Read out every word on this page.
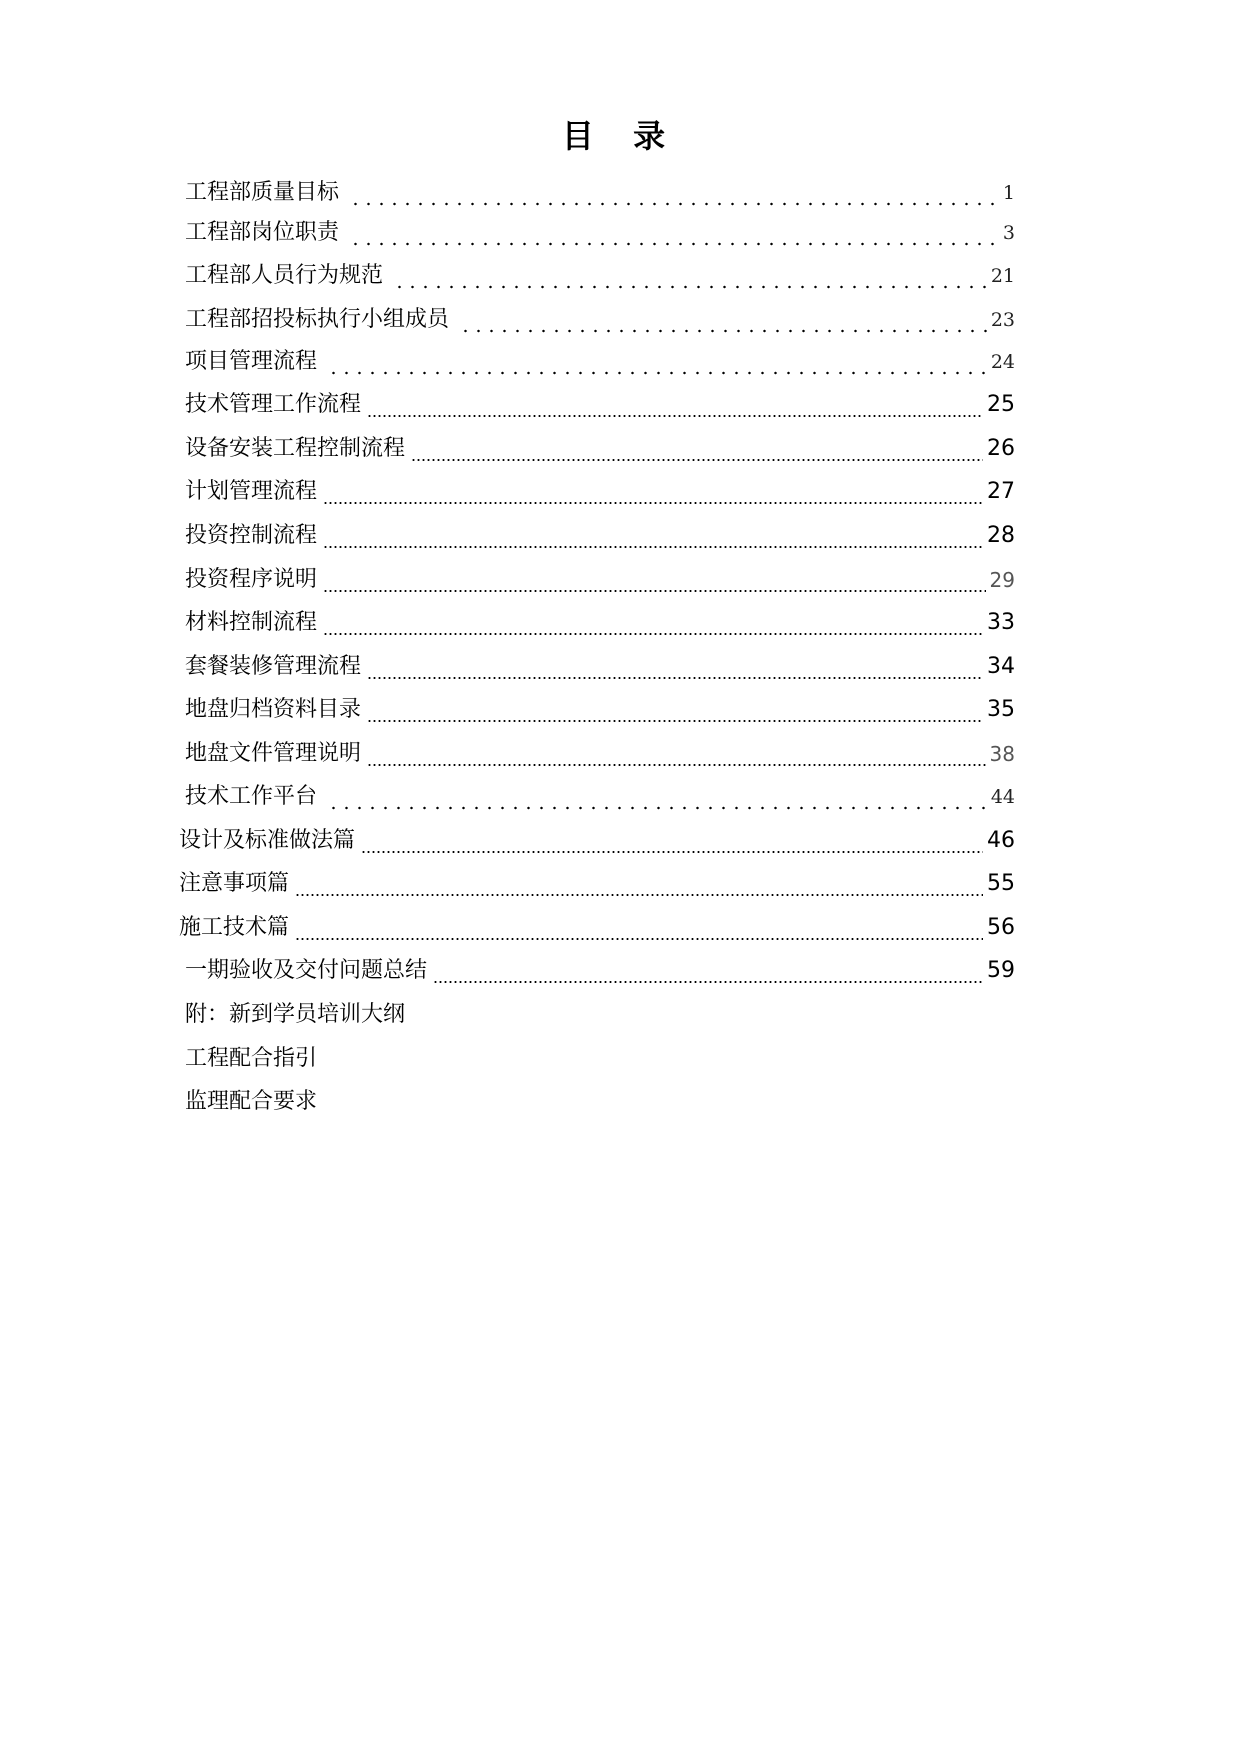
目 录
工程部质量目标	1
工程部岗位职责	3
工程部人员行为规范	21
工程部招投标执行小组成员	23
项目管理流程	24
技术管理工作流程	25
设备安装工程控制流程	26
计划管理流程	27
投资控制流程	28
投资程序说明	29
材料控制流程	33
套餐装修管理流程	34
地盘归档资料目录	35
地盘文件管理说明	38
技术工作平台	44
设计及标准做法篇	46
注意事项篇	55
施工技术篇	56
一期验收及交付问题总结	59
附：新到学员培训大纲
工程配合指引
监理配合要求
